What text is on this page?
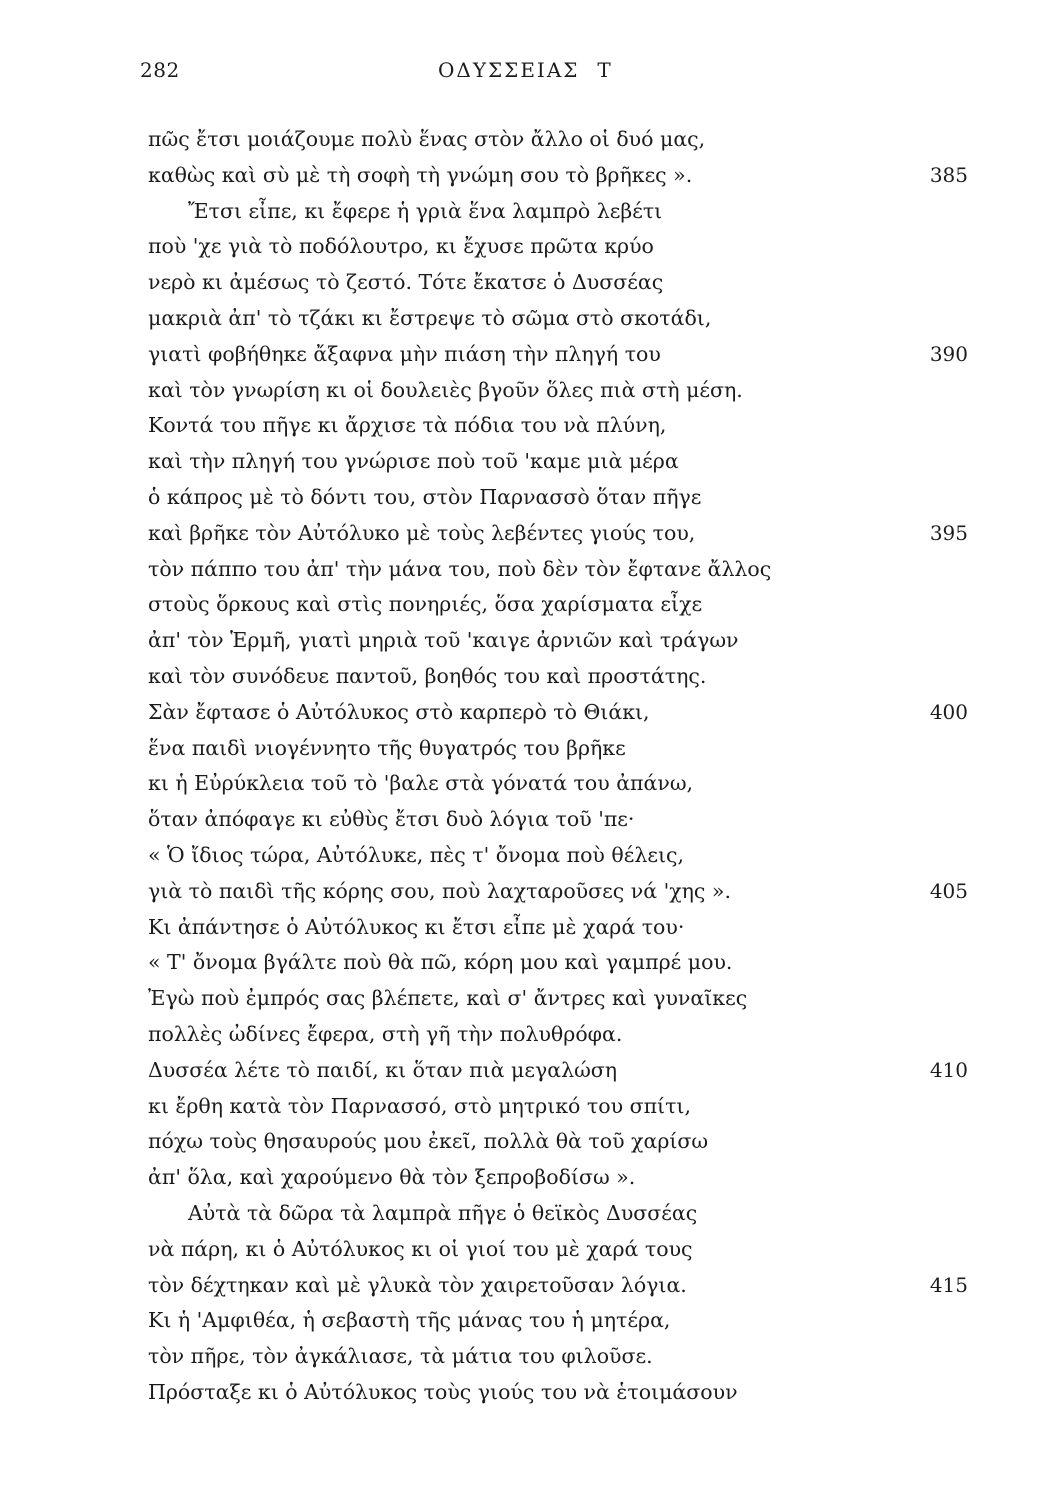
282	ΟΔΥΣΣΕΙΑΣ Τ
πῶς ἔτσι μοιάζουμε πολὺ ἕνας στὸν ἄλλο οἱ δυό μας,
καθὼς καὶ σὺ μὲ τὴ σοφὴ τὴ γνώμη σου τὸ βρῆκες ».	385
Ἔτσι εἶπε, κι ἔφερε ἡ γριὰ ἕνα λαμπρὸ λεβέτι
ποὺ 'χε γιὰ τὸ ποδόλουτρο, κι ἔχυσε πρῶτα κρύο
νερὸ κι ἀμέσως τὸ ζεστό. Τότε ἔκατσε ὁ Δυσσέας
μακριὰ ἀπ' τὸ τζάκι κι ἔστρεψε τὸ σῶμα στὸ σκοτάδι,
γιατὶ φοβήθηκε ἄξαφνα μὴν πιάση τὴν πληγή του	390
καὶ τὸν γνωρίση κι οἱ δουλειὲς βγοῦν ὅλες πιὰ στὴ μέση.
Κοντά του πῆγε κι ἄρχισε τὰ πόδια του νὰ πλύνη,
καὶ τὴν πληγή του γνώρισε ποὺ τοῦ 'καμε μιὰ μέρα
ὁ κάπρος μὲ τὸ δόντι του, στὸν Παρνασσὸ ὅταν πῆγε
καὶ βρῆκε τὸν Αὐτόλυκο μὲ τοὺς λεβέντες γιούς του,	395
τὸν πάππο του ἀπ' τὴν μάνα του, ποὺ δὲν τὸν ἔφτανε ἄλλος
στοὺς ὅρκους καὶ στὶς πονηριές, ὅσα χαρίσματα εἶχε
ἀπ' τὸν Ἑρμῆ, γιατὶ μηριὰ τοῦ 'καιγε ἀρνιῶν καὶ τράγων
καὶ τὸν συνόδευε παντοῦ, βοηθός του καὶ προστάτης.
Σὰν ἔφτασε ὁ Αὐτόλυκος στὸ καρπερὸ τὸ Θιάκι,	400
ἕνα παιδὶ νιογέννητο τῆς θυγατρός του βρῆκε
κι ἡ Εὐρύκλεια τοῦ τὸ 'βαλε στὰ γόνατά του ἀπάνω,
ὅταν ἀπόφαγε κι εὐθὺς ἔτσι δυὸ λόγια τοῦ 'πε·
« Ὁ ἴδιος τώρα, Αὐτόλυκε, πὲς τ' ὄνομα ποὺ θέλεις,
γιὰ τὸ παιδὶ τῆς κόρης σου, ποὺ λαχταροῦσες νά 'χης ».	405
Κι ἀπάντησε ὁ Αὐτόλυκος κι ἔτσι εἶπε μὲ χαρά του·
« Τ' ὄνομα βγάλτε ποὺ θὰ πῶ, κόρη μου καὶ γαμπρέ μου.
Ἐγὼ ποὺ ἐμπρός σας βλέπετε, καὶ σ' ἄντρες καὶ γυναῖκες
πολλὲς ὠδίνες ἔφερα, στὴ γῆ τὴν πολυθρόφα.
Δυσσέα λέτε τὸ παιδί, κι ὅταν πιὰ μεγαλώση	410
κι ἔρθη κατὰ τὸν Παρνασσό, στὸ μητρικό του σπίτι,
πόχω τοὺς θησαυρούς μου ἐκεῖ, πολλὰ θὰ τοῦ χαρίσω
ἀπ' ὅλα, καὶ χαρούμενο θὰ τὸν ξεπροβοδίσω ».
Αὐτὰ τὰ δῶρα τὰ λαμπρὰ πῆγε ὁ θεϊκὸς Δυσσέας
νὰ πάρη, κι ὁ Αὐτόλυκος κι οἱ γιοί του μὲ χαρά τους
τὸν δέχτηκαν καὶ μὲ γλυκὰ τὸν χαιρετοῦσαν λόγια.	415
Κι ἡ 'Αμφιθέα, ἡ σεβαστὴ τῆς μάνας του ἡ μητέρα,
τὸν πῆρε, τὸν ἀγκάλιασε, τὰ μάτια του φιλοῦσε.
Πρόσταξε κι ὁ Αὐτόλυκος τοὺς γιούς του νὰ ἑτοιμάσουν
